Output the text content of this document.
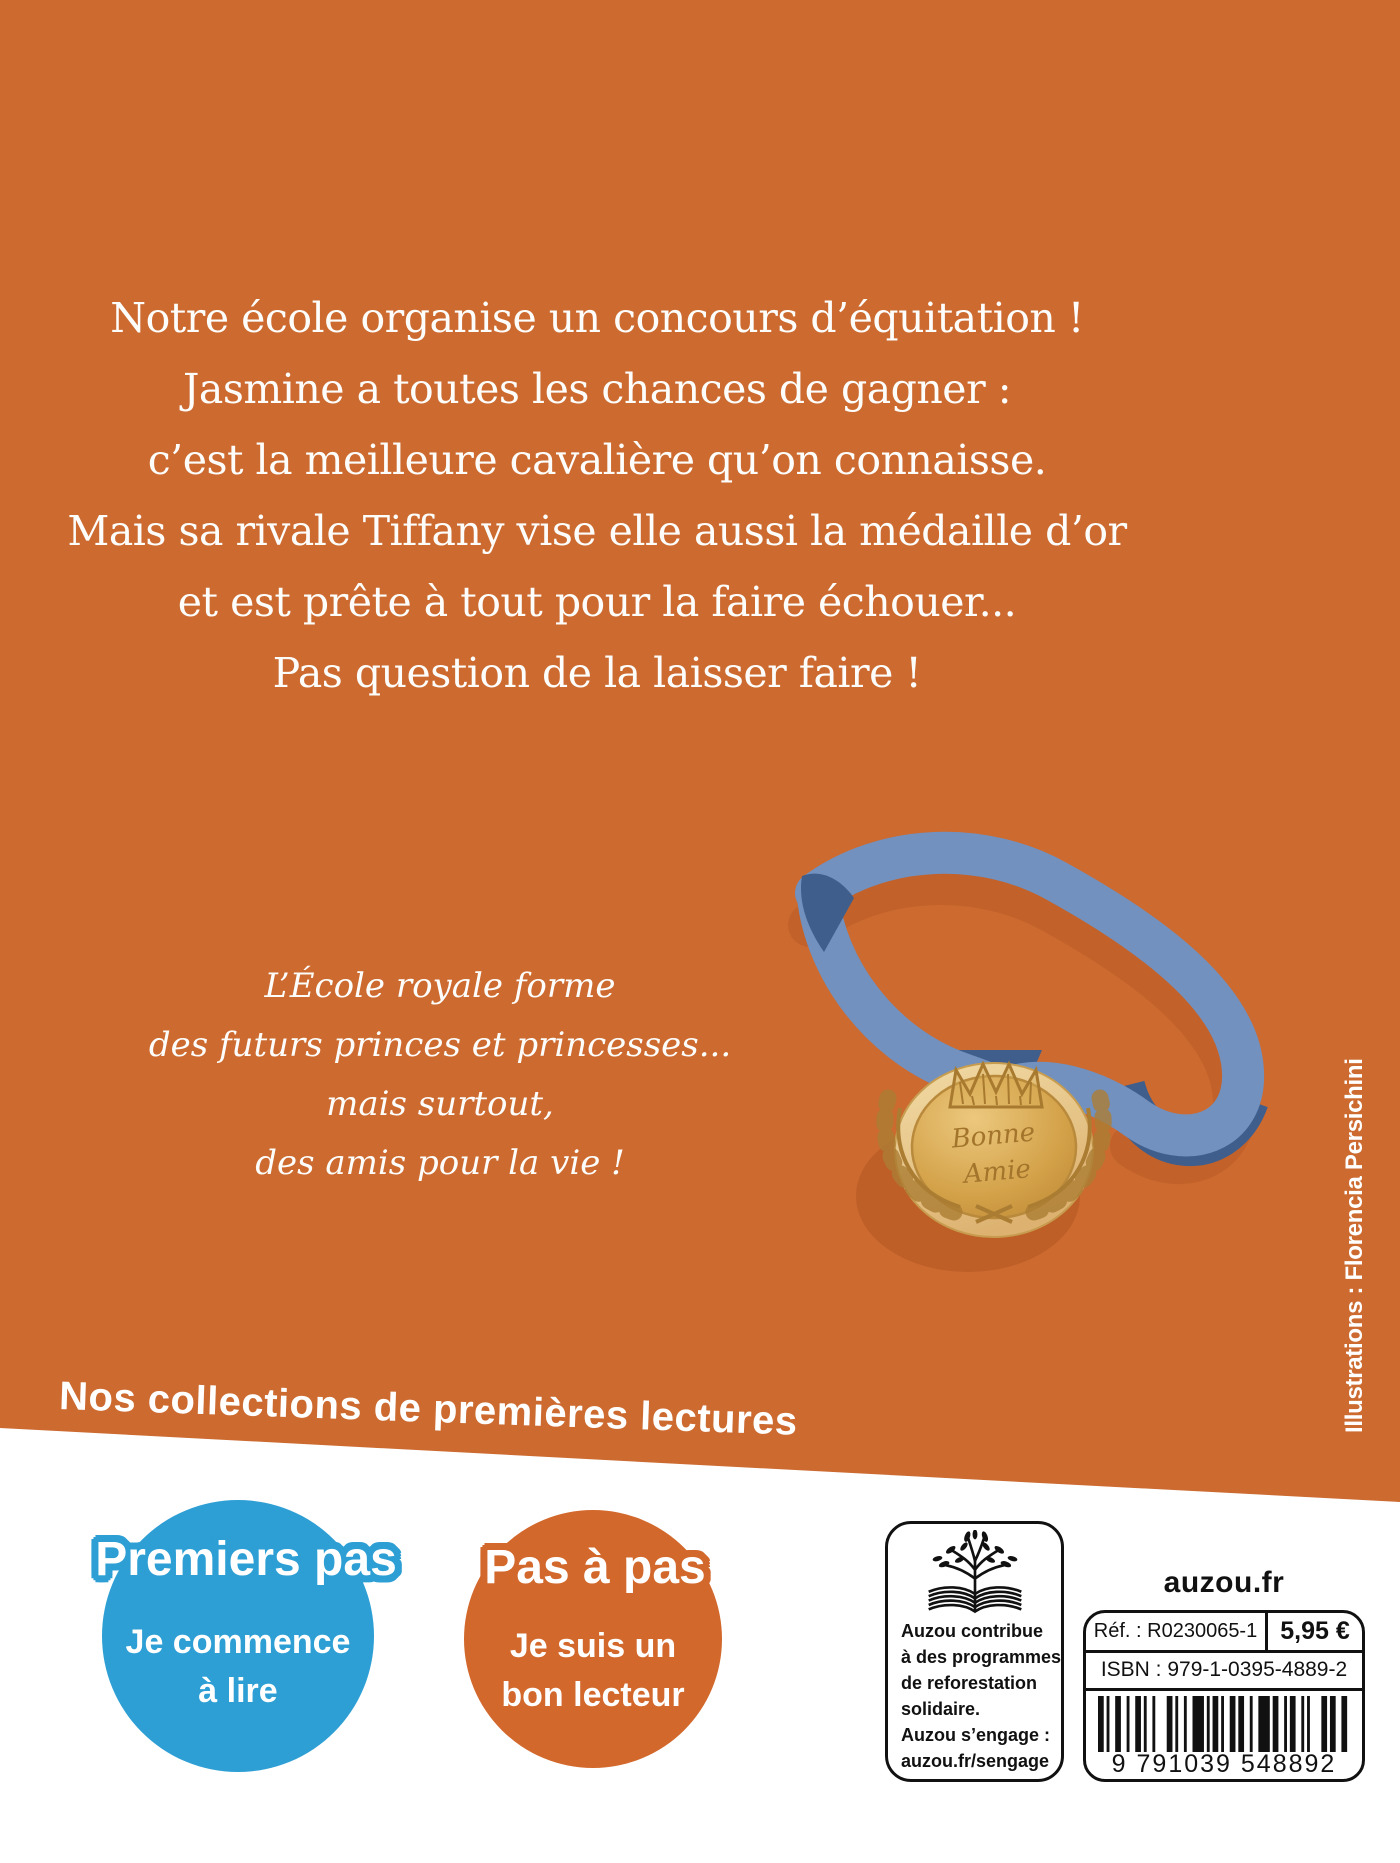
Notre école organise un concours d’équitation !
Jasmine a toutes les chances de gagner :
c’est la meilleure cavalière qu’on connaisse.
Mais sa rivale Tiffany vise elle aussi la médaille d’or
et est prête à tout pour la faire échouer...
Pas question de la laisser faire !
Bonne
Amie
L’École royale forme
des futurs princes et princesses...
mais surtout,
des amis pour la vie !	Illustrations : Florencia Persichini
Nos collections de premières lectures
Premiers pas
Je commence
à lire
Pas à pas
Je suis un
bon lecteur
Auzou contribue
à des programmes
de reforestation
solidaire.
Auzou s’engage :
auzou.fr/sengage
auzou.fr
Réf. : R0230065-1 5,95 €
ISBN : 979-1-0395-4889-2
9 791039 548892
